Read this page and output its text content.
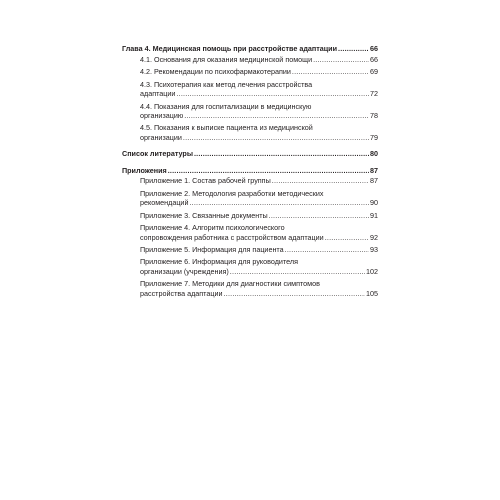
Глава 4. Медицинская помощь при расстройстве адаптации .....	66
4.1. Основания для оказания медицинской помощи .....	66
4.2. Рекомендации по психофармакотерапии .....	69
4.3. Психотерапия как метод лечения расстройства
адаптации .....	72
4.4. Показания для госпитализации в медицинскую
организацию .....	78
4.5. Показания к выписке пациента из медицинской
организации .....	79
Список литературы .....	80
Приложения .....	87
Приложение 1. Состав рабочей группы .....	87
Приложение 2. Методология разработки методических
рекомендаций .....	90
Приложение 3. Связанные документы .....	91
Приложение 4. Алгоритм психологического
сопровождения работника с расстройством адаптации .....	92
Приложение 5. Информация для пациента .....	93
Приложение 6. Информация для руководителя
организации (учреждения) .....	102
Приложение 7. Методики для диагностики симптомов
расстройства адаптации .....	105
